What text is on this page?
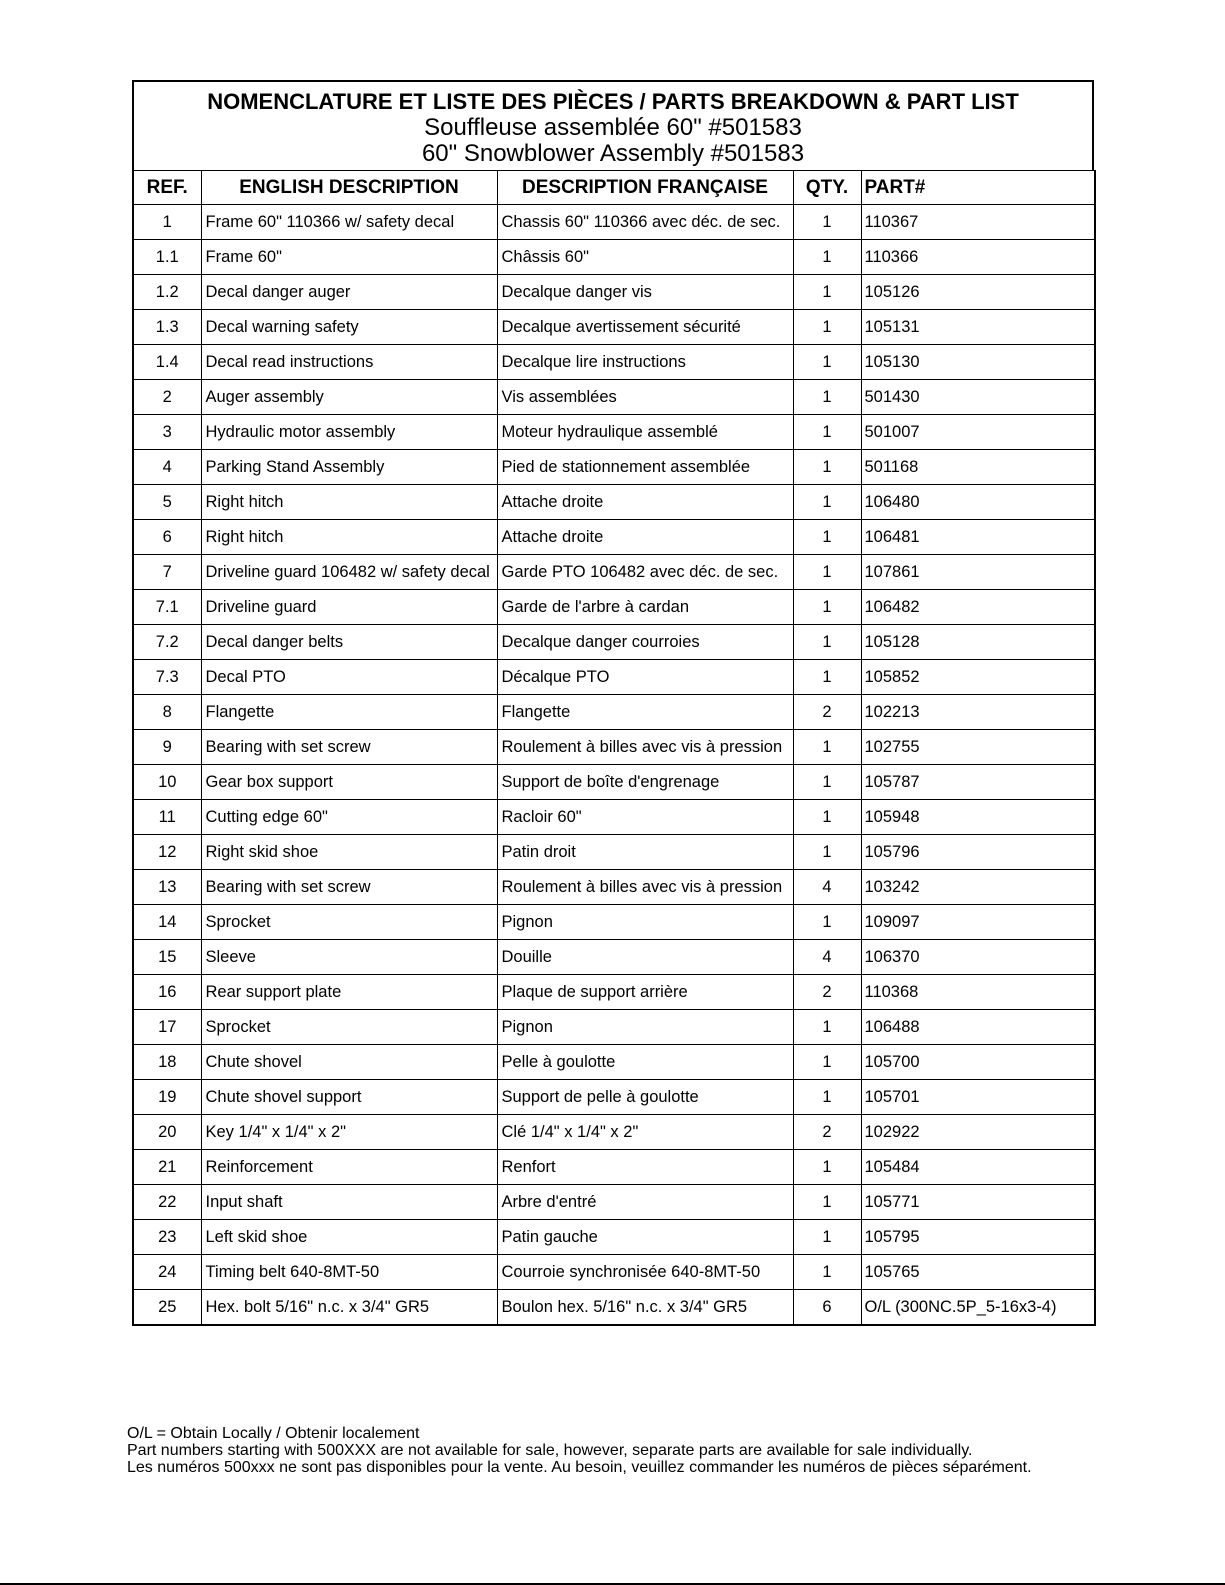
NOMENCLATURE ET LISTE DES PIÈCES / PARTS BREAKDOWN & PART LIST
Souffleuse assemblée 60" #501583
60" Snowblower Assembly #501583
REF.	ENGLISH DESCRIPTION	DESCRIPTION FRANÇAISE	QTY.	PART#
1	Frame 60" 110366 w/ safety decal	Chassis 60" 110366 avec déc. de sec.	1	110367
1.1	Frame 60"	Châssis 60"	1	110366
1.2	Decal danger auger	Decalque danger vis	1	105126
1.3	Decal warning safety	Decalque avertissement sécurité	1	105131
1.4	Decal read instructions	Decalque lire instructions	1	105130
2	Auger assembly	Vis assemblées	1	501430
3	Hydraulic motor assembly	Moteur hydraulique assemblé	1	501007
4	Parking Stand Assembly	Pied de stationnement assemblée	1	501168
5	Right hitch	Attache droite	1	106480
6	Right hitch	Attache droite	1	106481
7	Driveline guard 106482 w/ safety decal	Garde PTO 106482 avec déc. de sec.	1	107861
7.1	Driveline guard	Garde de l'arbre à cardan	1	106482
7.2	Decal danger belts	Decalque danger courroies	1	105128
7.3	Decal PTO	Décalque PTO	1	105852
8	Flangette	Flangette	2	102213
9	Bearing with set screw	Roulement à billes avec vis à pression	1	102755
10	Gear box support	Support de boîte d'engrenage	1	105787
11	Cutting edge 60"	Racloir 60"	1	105948
12	Right skid shoe	Patin droit	1	105796
13	Bearing with set screw	Roulement à billes avec vis à pression	4	103242
14	Sprocket	Pignon	1	109097
15	Sleeve	Douille	4	106370
16	Rear support plate	Plaque de support arrière	2	110368
17	Sprocket	Pignon	1	106488
18	Chute shovel	Pelle à goulotte	1	105700
19	Chute shovel support	Support de pelle à goulotte	1	105701
20	Key 1/4" x 1/4" x 2"	Clé 1/4" x 1/4" x 2"	2	102922
21	Reinforcement	Renfort	1	105484
22	Input shaft	Arbre d'entré	1	105771
23	Left skid shoe	Patin gauche	1	105795
24	Timing belt 640-8MT-50	Courroie synchronisée 640-8MT-50	1	105765
25	Hex. bolt 5/16" n.c. x 3/4" GR5	Boulon hex. 5/16" n.c. x 3/4" GR5	6	O/L (300NC.5P_5-16x3-4)
O/L = Obtain Locally / Obtenir localement
Part numbers starting with 500XXX are not available for sale, however, separate parts are available for sale individually.
Les numéros 500xxx ne sont pas disponibles pour la vente. Au besoin, veuillez commander les numéros de pièces séparément.
